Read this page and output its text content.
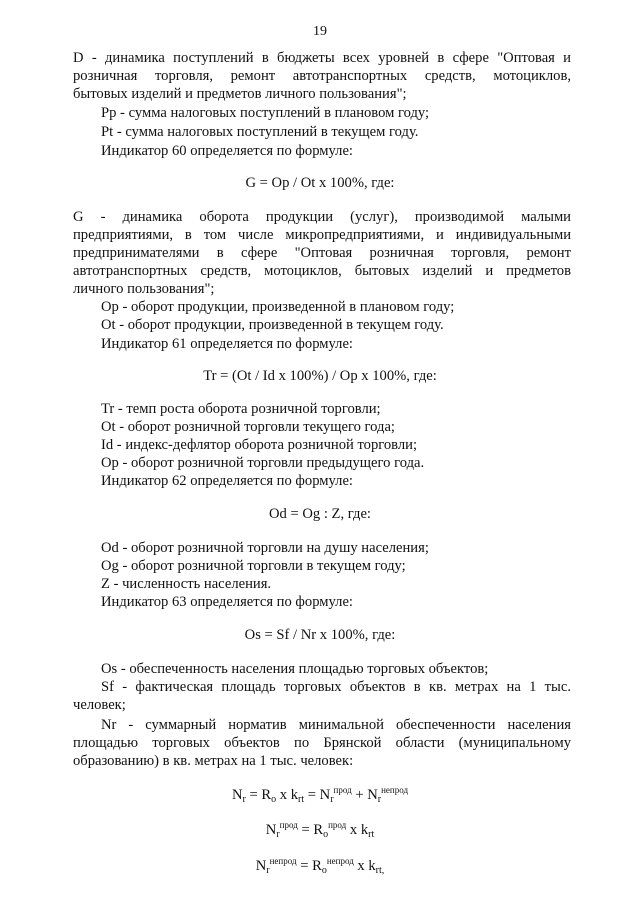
19
D - динамика поступлений в бюджеты всех уровней в сфере "Оптовая и
розничная торговля, ремонт автотранспортных средств, мотоциклов,
бытовых изделий и предметов личного пользования";
Pp - сумма налоговых поступлений в плановом году;
Pt - сумма налоговых поступлений в текущем году.
Индикатор 60 определяется по формуле:
G = Op / Ot x 100%, где:
G - динамика оборота продукции (услуг), производимой малыми
предприятиями, в том числе микропредприятиями, и индивидуальными
предпринимателями в сфере "Оптовая розничная торговля, ремонт
автотранспортных средств, мотоциклов, бытовых изделий и предметов
личного пользования";
Op - оборот продукции, произведенной в плановом году;
Ot - оборот продукции, произведенной в текущем году.
Индикатор 61 определяется по формуле:
Tr = (Ot / Id x 100%) / Op x 100%, где:
Tr - темп роста оборота розничной торговли;
Ot - оборот розничной торговли текущего года;
Id - индекс-дефлятор оборота розничной торговли;
Op - оборот розничной торговли предыдущего года.
Индикатор 62 определяется по формуле:
Od = Og : Z, где:
Od - оборот розничной торговли на душу населения;
Og - оборот розничной торговли в текущем году;
Z - численность населения.
Индикатор 63 определяется по формуле:
Os = Sf / Nr x 100%, где:
Os - обеспеченность населения площадью торговых объектов;
Sf - фактическая площадь торговых объектов в кв. метрах на 1 тыс.
человек;
Nr - суммарный норматив минимальной обеспеченности населения
площадью торговых объектов по Брянской области (муниципальному
образованию) в кв. метрах на 1 тыс. человек:
$N_r = R_o$ x $k_{rt} = N_r^{прод} + N_r^{непрод}$
$N_r^{прод} = R_o^{прод}$ x $k_{rt}$
$N_r^{непрод} = R_o^{непрод}$ x $k_{rt,}$
